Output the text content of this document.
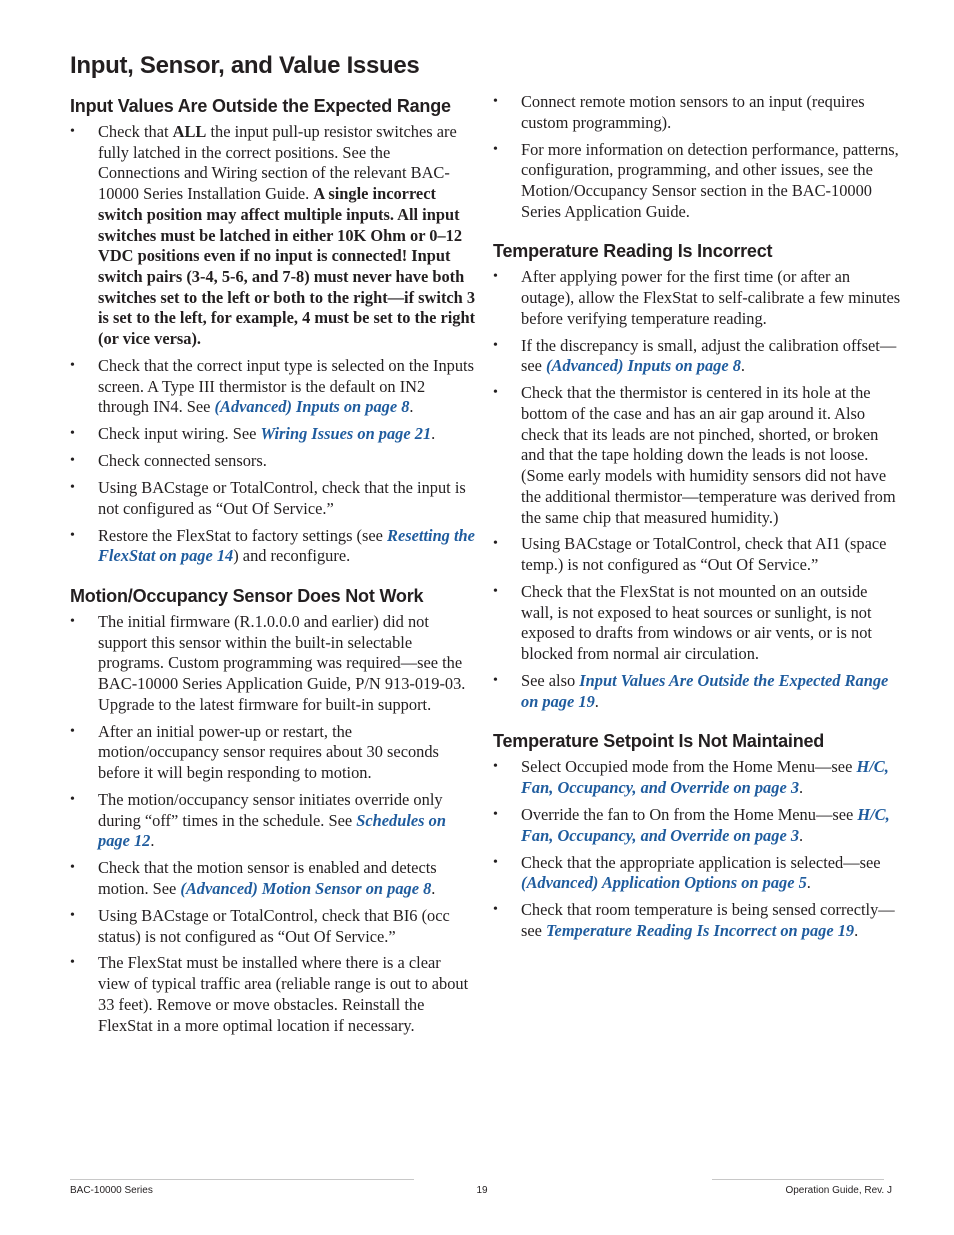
Input, Sensor, and Value Issues
Input Values Are Outside the Expected Range
• Check that ALL the input pull-up resistor switches are fully latched in the correct positions. See the Connections and Wiring section of the relevant BAC-10000 Series Installation Guide. A single incorrect switch position may affect multiple inputs. All input switches must be latched in either 10K Ohm or 0–12 VDC positions even if no input is connected! Input switch pairs (3-4, 5-6, and 7-8) must never have both switches set to the left or both to the right—if switch 3 is set to the left, for example, 4 must be set to the right (or vice versa).
• Check that the correct input type is selected on the Inputs screen. A Type III thermistor is the default on IN2 through IN4. See (Advanced) Inputs on page 8.
• Check input wiring. See Wiring Issues on page 21.
• Check connected sensors.
• Using BACstage or TotalControl, check that the input is not configured as “Out Of Service.”
• Restore the FlexStat to factory settings (see Resetting the FlexStat on page 14) and reconfigure.
Motion/Occupancy Sensor Does Not Work
• The initial firmware (R.1.0.0.0 and earlier) did not support this sensor within the built-in selectable programs. Custom programming was required—see the BAC-10000 Series Application Guide, P/N 913-019-03. Upgrade to the latest firmware for built-in support.
• After an initial power-up or restart, the motion/occupancy sensor requires about 30 seconds before it will begin responding to motion.
• The motion/occupancy sensor initiates override only during “off” times in the schedule. See Schedules on page 12.
• Check that the motion sensor is enabled and detects motion. See (Advanced) Motion Sensor on page 8.
• Using BACstage or TotalControl, check that BI6 (occ status) is not configured as “Out Of Service.”
• The FlexStat must be installed where there is a clear view of typical traffic area (reliable range is out to about 33 feet). Remove or move obstacles. Reinstall the FlexStat in a more optimal location if necessary.
• Connect remote motion sensors to an input (requires custom programming).
• For more information on detection performance, patterns, configuration, programming, and other issues, see the Motion/Occupancy Sensor section in the BAC-10000 Series Application Guide.
Temperature Reading Is Incorrect
• After applying power for the first time (or after an outage), allow the FlexStat to self-calibrate a few minutes before verifying temperature reading.
• If the discrepancy is small, adjust the calibration offset—see (Advanced) Inputs on page 8.
• Check that the thermistor is centered in its hole at the bottom of the case and has an air gap around it. Also check that its leads are not pinched, shorted, or broken and that the tape holding down the leads is not loose. (Some early models with humidity sensors did not have the additional thermistor—temperature was derived from the same chip that measured humidity.)
• Using BACstage or TotalControl, check that AI1 (space temp.) is not configured as “Out Of Service.”
• Check that the FlexStat is not mounted on an outside wall, is not exposed to heat sources or sunlight, is not exposed to drafts from windows or air vents, or is not blocked from normal air circulation.
• See also Input Values Are Outside the Expected Range on page 19.
Temperature Setpoint Is Not Maintained
• Select Occupied mode from the Home Menu—see H/C, Fan, Occupancy, and Override on page 3.
• Override the fan to On from the Home Menu—see H/C, Fan, Occupancy, and Override on page 3.
• Check that the appropriate application is selected—see (Advanced) Application Options on page 5.
• Check that room temperature is being sensed correctly—see Temperature Reading Is Incorrect on page 19.
BAC-10000 Series	19	Operation Guide, Rev. J
